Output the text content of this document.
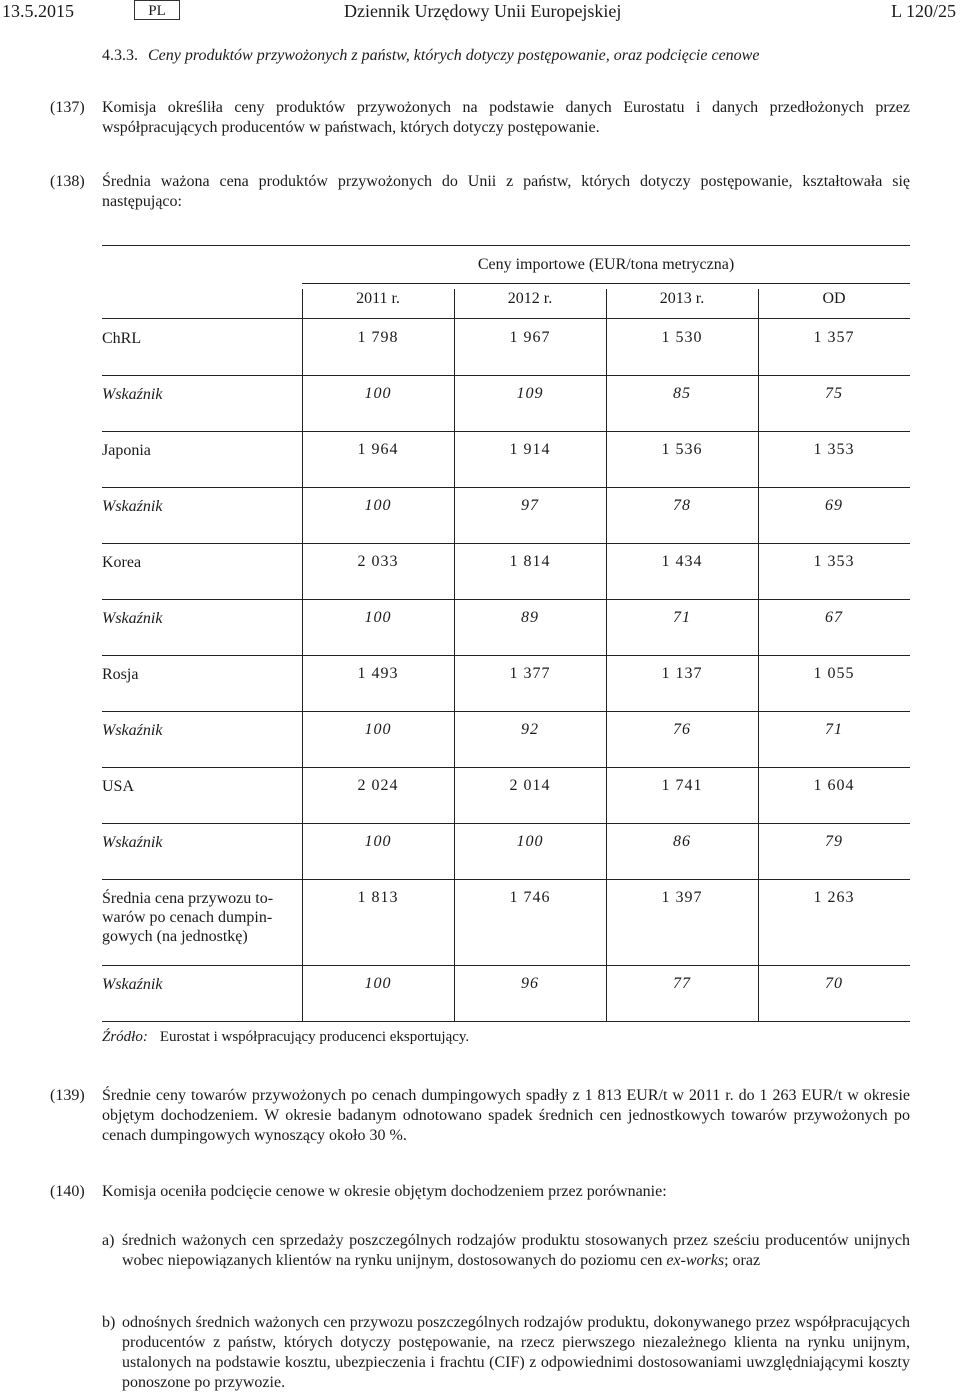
13.5.2015	PL	Dziennik Urzędowy Unii Europejskiej	L 120/25
4.3.3. Ceny produktów przywożonych z państw, których dotyczy postępowanie, oraz podcięcie cenowe
(137) Komisja określiła ceny produktów przywożonych na podstawie danych Eurostatu i danych przedłożonych przez współpracujących producentów w państwach, których dotyczy postępowanie.
(138) Średnia ważona cena produktów przywożonych do Unii z państw, których dotyczy postępowanie, kształtowała się następująco:
Ceny importowe (EUR/tona metryczna)
2011 r.	2012 r.	2013 r.	OD
ChRL	1 798	1 967	1 530	1 357
Wskaźnik	100	109	85	75
Japonia	1 964	1 914	1 536	1 353
Wskaźnik	100	97	78	69
Korea	2 033	1 814	1 434	1 353
Wskaźnik	100	89	71	67
Rosja	1 493	1 377	1 137	1 055
Wskaźnik	100	92	76	71
USA	2 024	2 014	1 741	1 604
Wskaźnik	100	100	86	79
Średnia cena przywozu to-
warów po cenach dumpin-
gowych (na jednostkę)
1 813	1 746	1 397	1 263
Wskaźnik	100	96	77	70
Źródło: Eurostat i współpracujący producenci eksportujący.
(139) Średnie ceny towarów przywożonych po cenach dumpingowych spadły z 1 813 EUR/t w 2011 r. do 1 263 EUR/t w okresie objętym dochodzeniem. W okresie badanym odnotowano spadek średnich cen jednostkowych towarów przywożonych po cenach dumpingowych wynoszący około 30 %.
(140) Komisja oceniła podcięcie cenowe w okresie objętym dochodzeniem przez porównanie:
a) średnich ważonych cen sprzedaży poszczególnych rodzajów produktu stosowanych przez sześciu producentów unijnych wobec niepowiązanych klientów na rynku unijnym, dostosowanych do poziomu cen ex-works; oraz
b) odnośnych średnich ważonych cen przywozu poszczególnych rodzajów produktu, dokonywanego przez współpracujących producentów z państw, których dotyczy postępowanie, na rzecz pierwszego niezależnego klienta na rynku unijnym, ustalonych na podstawie kosztu, ubezpieczenia i frachtu (CIF) z odpowiednimi dostosowaniami uwzględniającymi koszty ponoszone po przywozie.
